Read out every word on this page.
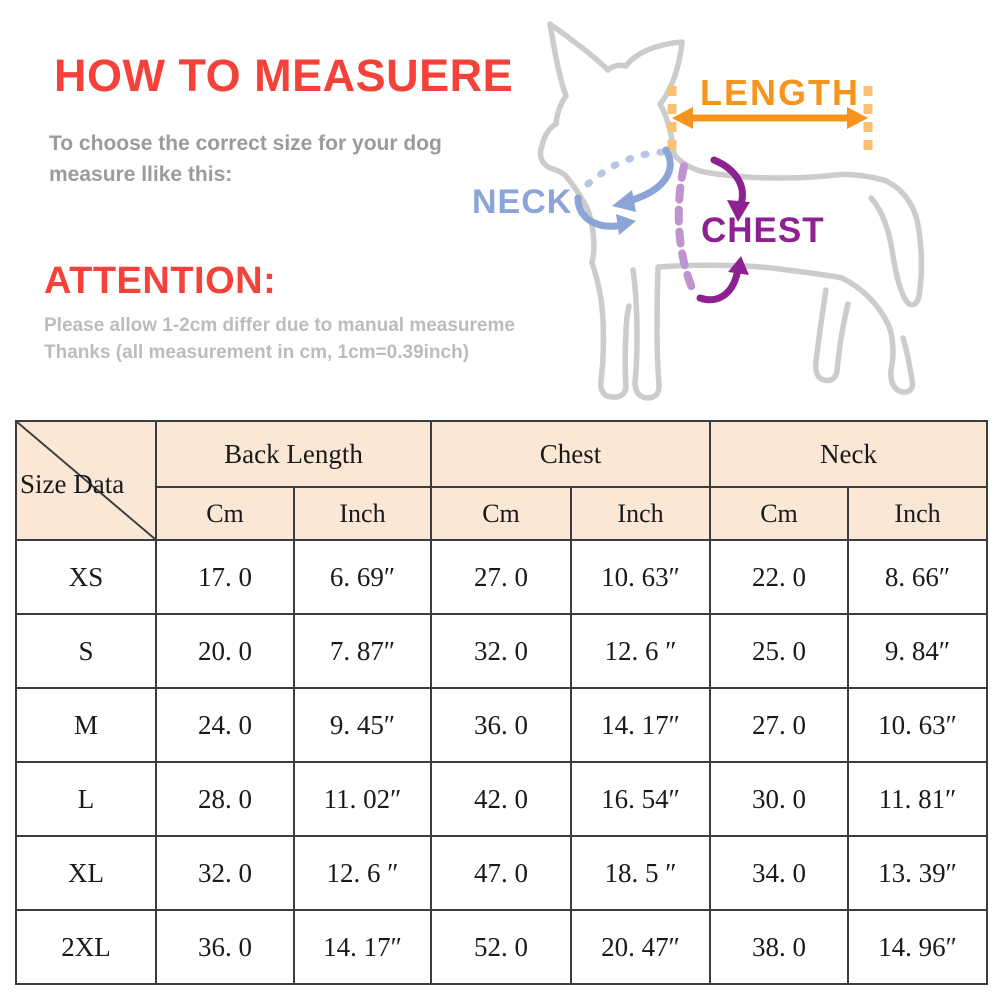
HOW TO MEASUERE
To choose the correct size for your dog
measure llike this:
ATTENTION:
Please allow 1-2cm differ due to manual measureme
Thanks (all measurement in cm, 1cm=0.39inch)
LENGTH
NECK
CHEST
Size Data	Back Length		Chest		Neck	
	Cm	Inch	Cm	Inch	Cm	Inch
XS	17. 0	6. 69″	27. 0	10. 63″	22. 0	8. 66″
S	20. 0	7. 87″	32. 0	12. 6 ″	25. 0	9. 84″
M	24. 0	9. 45″	36. 0	14. 17″	27. 0	10. 63″
L	28. 0	11. 02″	42. 0	16. 54″	30. 0	11. 81″
XL	32. 0	12. 6 ″	47. 0	18. 5 ″	34. 0	13. 39″
2XL	36. 0	14. 17″	52. 0	20. 47″	38. 0	14. 96″
